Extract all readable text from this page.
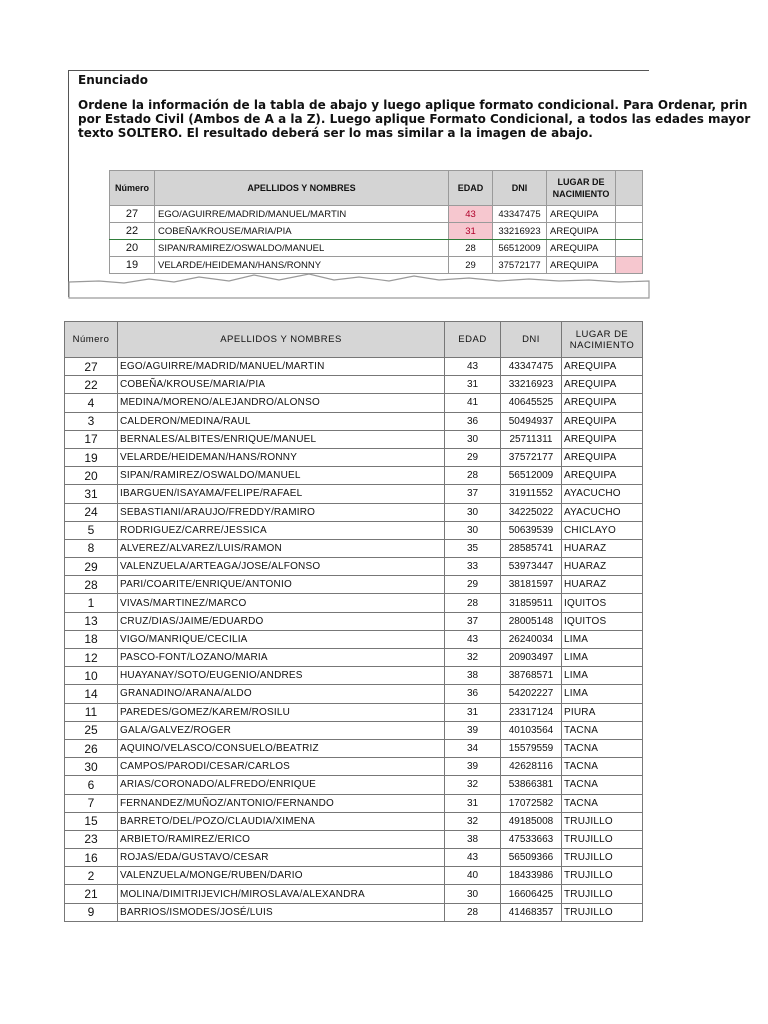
Enunciado
Ordene la información de la tabla de abajo y luego aplique formato condicional. Para Ordenar, prin
por Estado Civil (Ambos de A a la Z). Luego aplique Formato Condicional, a todos las edades mayor
texto SOLTERO. El resultado deberá ser lo mas similar a la imagen de abajo.
Número	APELLIDOS Y NOMBRES	EDAD	DNI	LUGAR DE NACIMIENTO	
27	EGO/AGUIRRE/MADRID/MANUEL/MARTIN	43	43347475	AREQUIPA	
22	COBEÑA/KROUSE/MARIA/PIA	31	33216923	AREQUIPA	
20	SIPAN/RAMIREZ/OSWALDO/MANUEL	28	56512009	AREQUIPA	
19	VELARDE/HEIDEMAN/HANS/RONNY	29	37572177	AREQUIPA	
Número	APELLIDOS Y NOMBRES	EDAD	DNI	LUGAR DE
NACIMIENTO

27	EGO/AGUIRRE/MADRID/MANUEL/MARTIN	43	43347475	AREQUIPA
22	COBEÑA/KROUSE/MARIA/PIA	31	33216923	AREQUIPA
4	MEDINA/MORENO/ALEJANDRO/ALONSO	41	40645525	AREQUIPA
3	CALDERON/MEDINA/RAUL	36	50494937	AREQUIPA
17	BERNALES/ALBITES/ENRIQUE/MANUEL	30	25711311	AREQUIPA
19	VELARDE/HEIDEMAN/HANS/RONNY	29	37572177	AREQUIPA
20	SIPAN/RAMIREZ/OSWALDO/MANUEL	28	56512009	AREQUIPA
31	IBARGUEN/ISAYAMA/FELIPE/RAFAEL	37	31911552	AYACUCHO
24	SEBASTIANI/ARAUJO/FREDDY/RAMIRO	30	34225022	AYACUCHO
5	RODRIGUEZ/CARRE/JESSICA	30	50639539	CHICLAYO
8	ALVEREZ/ALVAREZ/LUIS/RAMON	35	28585741	HUARAZ
29	VALENZUELA/ARTEAGA/JOSE/ALFONSO	33	53973447	HUARAZ
28	PARI/COARITE/ENRIQUE/ANTONIO	29	38181597	HUARAZ
1	VIVAS/MARTINEZ/MARCO	28	31859511	IQUITOS
13	CRUZ/DIAS/JAIME/EDUARDO	37	28005148	IQUITOS
18	VIGO/MANRIQUE/CECILIA	43	26240034	LIMA
12	PASCO-FONT/LOZANO/MARIA	32	20903497	LIMA
10	HUAYANAY/SOTO/EUGENIO/ANDRES	38	38768571	LIMA
14	GRANADINO/ARANA/ALDO	36	54202227	LIMA
11	PAREDES/GOMEZ/KAREM/ROSILU	31	23317124	PIURA
25	GALA/GALVEZ/ROGER	39	40103564	TACNA
26	AQUINO/VELASCO/CONSUELO/BEATRIZ	34	15579559	TACNA
30	CAMPOS/PARODI/CESAR/CARLOS	39	42628116	TACNA
6	ARIAS/CORONADO/ALFREDO/ENRIQUE	32	53866381	TACNA
7	FERNANDEZ/MUÑOZ/ANTONIO/FERNANDO	31	17072582	TACNA
15	BARRETO/DEL/POZO/CLAUDIA/XIMENA	32	49185008	TRUJILLO
23	ARBIETO/RAMIREZ/ERICO	38	47533663	TRUJILLO
16	ROJAS/EDA/GUSTAVO/CESAR	43	56509366	TRUJILLO
2	VALENZUELA/MONGE/RUBEN/DARIO	40	18433986	TRUJILLO
21	MOLINA/DIMITRIJEVICH/MIROSLAVA/ALEXANDRA	30	16606425	TRUJILLO
9	BARRIOS/ISMODES/JOSÉ/LUIS	28	41468357	TRUJILLO
